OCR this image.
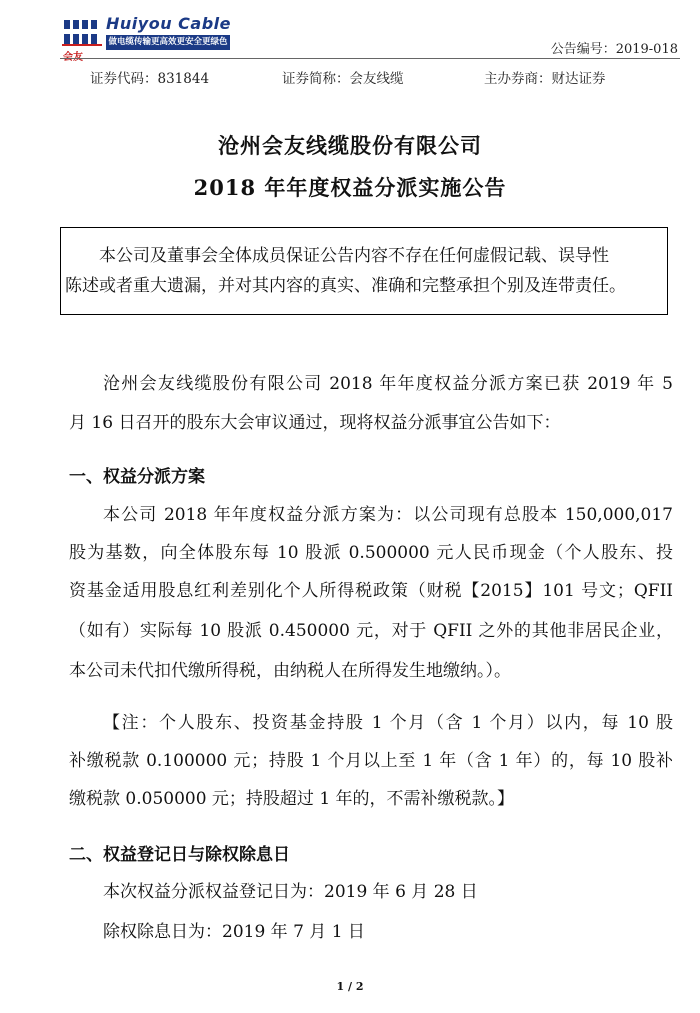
Huiyou Cable
做电缆传输更高效更安全更绿色
会友
公告编号：2019-018
证券代码：831844	证券简称：会友线缆	主办券商：财达证券
沧州会友线缆股份有限公司
2018 年年度权益分派实施公告

本公司及董事会全体成员保证公告内容不存在任何虚假记载、误导性

陈述或者重大遗漏，并对其内容的真实、准确和完整承担个别及连带责任。

沧州会友线缆股份有限公司 2018 年年度权益分派方案已获 2019 年 5
月 16 日召开的股东大会审议通过，现将权益分派事宜公告如下：
一、权益分派方案
本公司 2018 年年度权益分派方案为：以公司现有总股本 150,000,017
股为基数，向全体股东每 10 股派 0.500000 元人民币现金（个人股东、投
资基金适用股息红利差别化个人所得税政策（财税【2015】101 号文；QFII
（如有）实际每 10 股派 0.450000 元，对于 QFII 之外的其他非居民企业，
本公司未代扣代缴所得税，由纳税人在所得发生地缴纳。）。
【注：个人股东、投资基金持股 1 个月（含 1 个月）以内，每 10 股
补缴税款 0.100000 元；持股 1 个月以上至 1 年（含 1 年）的，每 10 股补
缴税款 0.050000 元；持股超过 1 年的，不需补缴税款。】
二、权益登记日与除权除息日
本次权益分派权益登记日为：2019 年 6 月 28 日
除权除息日为：2019 年 7 月 1 日
1 / 2
